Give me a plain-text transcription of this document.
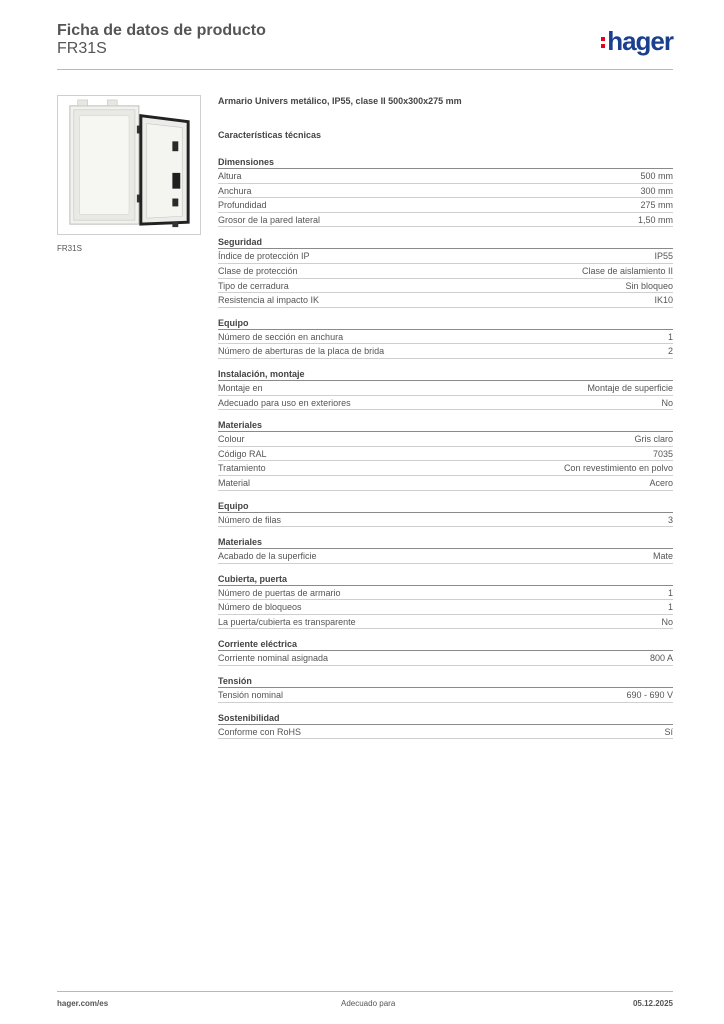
Ficha de datos de producto
FR31S	hager
FR31S
Armario Univers metálico, IP55, clase II 500x300x275 mm
Características técnicas
Dimensiones
Altura	500 mm
Anchura	300 mm
Profundidad	275 mm
Grosor de la pared lateral	1,50 mm
Seguridad
Índice de protección IP	IP55
Clase de protección	Clase de aislamiento II
Tipo de cerradura	Sin bloqueo
Resistencia al impacto IK	IK10
Equipo
Número de sección en anchura	1
Número de aberturas de la placa de brida	2
Instalación, montaje
Montaje en	Montaje de superficie
Adecuado para uso en exteriores	No
Materiales
Colour	Gris claro
Código RAL	7035
Tratamiento	Con revestimiento en polvo
Material	Acero
Equipo
Número de filas	3
Materiales
Acabado de la superficie	Mate
Cubierta, puerta
Número de puertas de armario	1
Número de bloqueos	1
La puerta/cubierta es transparente	No
Corriente eléctrica
Corriente nominal asignada	800 A
Tensión
Tensión nominal	690 - 690 V
Sostenibilidad
Conforme con RoHS	Sí
hager.com/es	Adecuado para	05.12.2025
